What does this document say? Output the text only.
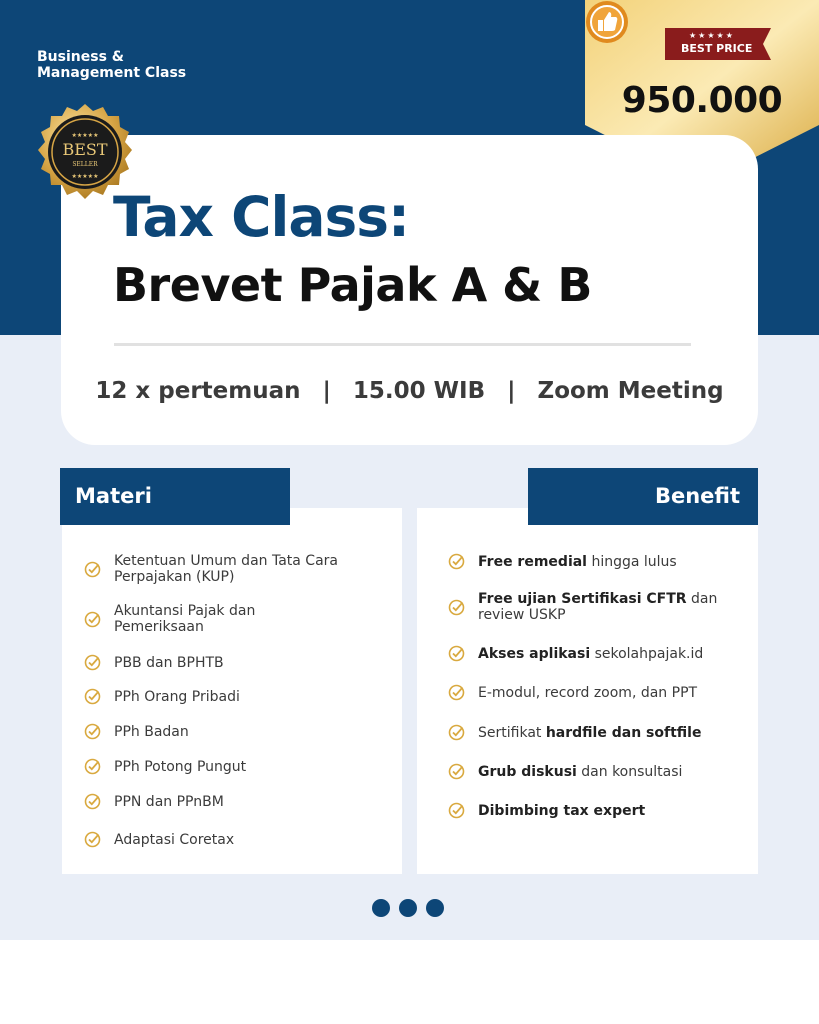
Business &
Management Class
★★★★★
BEST PRICE
950.000
BEST
SELLER
★★★★★
★★★★★
Tax Class:
Brevet Pajak A & B
12 x pertemuan | 15.00 WIB | Zoom Meeting
Materi	Benefit
Ketentuan Umum dan Tata Cara
Perpajakan (KUP)
Akuntansi Pajak dan
Pemeriksaan
PBB dan BPHTB
PPh Orang Pribadi
PPh Badan
PPh Potong Pungut
PPN dan PPnBM
Adaptasi Coretax
Free remedial hingga lulus
Free ujian Sertifikasi CFTR dan
review USKP
Akses aplikasi sekolahpajak.id
E-modul, record zoom, dan PPT
Sertifikat hardfile dan softfile
Grub diskusi dan konsultasi
Dibimbing tax expert
